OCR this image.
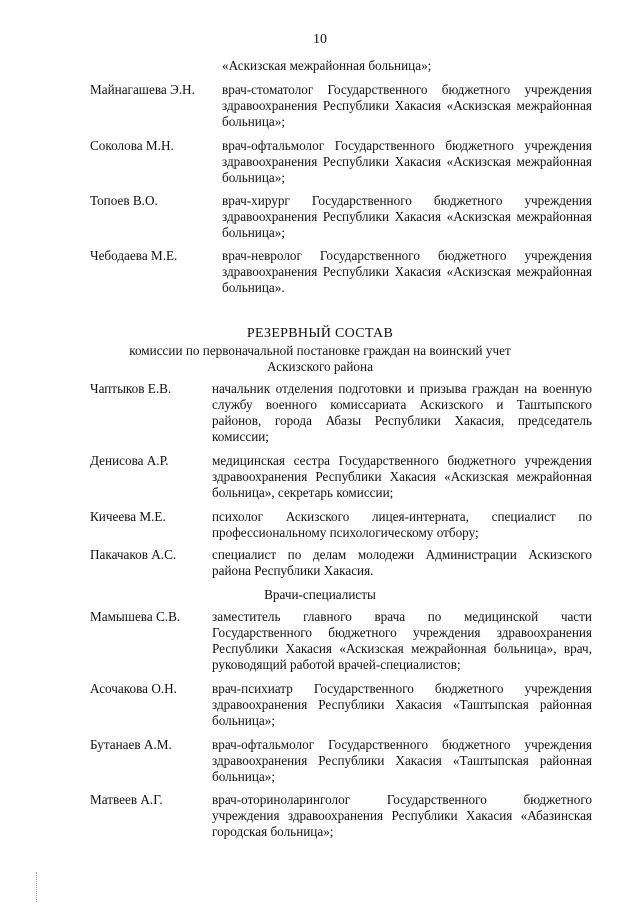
10
«Аскизская межрайонная больница»;
Майнагашева Э.Н. врач-стоматолог Государственного бюджетного учреждения здравоохранения Республики Хакасия «Аскизская межрайонная больница»;
Соколова М.Н.	врач-офтальмолог Государственного бюджетного учреждения здравоохранения Республики Хакасия «Аскизская межрайонная больница»;
Топоев В.О.	врач-хирург Государственного бюджетного учреждения здравоохранения Республики Хакасия «Аскизская межрайонная больница»;
Чебодаева М.Е.	врач-невролог Государственного бюджетного учреждения здравоохранения Республики Хакасия «Аскизская межрайонная больница».
РЕЗЕРВНЫЙ СОСТАВ
комиссии по первоначальной постановке граждан на воинский учет
Аскизского района
Чаптыков Е.В.	начальник отделения подготовки и призыва граждан на военную службу военного комиссариата Аскизского и Таштыпского районов, города Абазы Республики Хакасия, председатель комиссии;
Денисова А.Р.	медицинская сестра Государственного бюджетного учреждения здравоохранения Республики Хакасия «Аскизская межрайонная больница», секретарь комиссии;
Кичеева М.Е.	психолог Аскизского лицея-интерната, специалист по профессиональному психологическому отбору;
Пакачаков А.С.	специалист по делам молодежи Администрации Аскизского района Республики Хакасия.
Врачи-специалисты
Мамышева С.В. заместитель главного врача по медицинской части Государственного бюджетного учреждения здравоохранения Республики Хакасия «Аскизская межрайонная больница», врач, руководящий работой врачей-специалистов;
Асочакова О.Н.	врач-психиатр Государственного бюджетного учреждения здравоохранения Республики Хакасия «Таштыпская районная больница»;
Бутанаев А.М.	врач-офтальмолог Государственного бюджетного учреждения здравоохранения Республики Хакасия «Таштыпская районная больница»;
Матвеев А.Г.	врач-оториноларинголог Государственного бюджетного учреждения здравоохранения Республики Хакасия «Абазинская городская больница»;
